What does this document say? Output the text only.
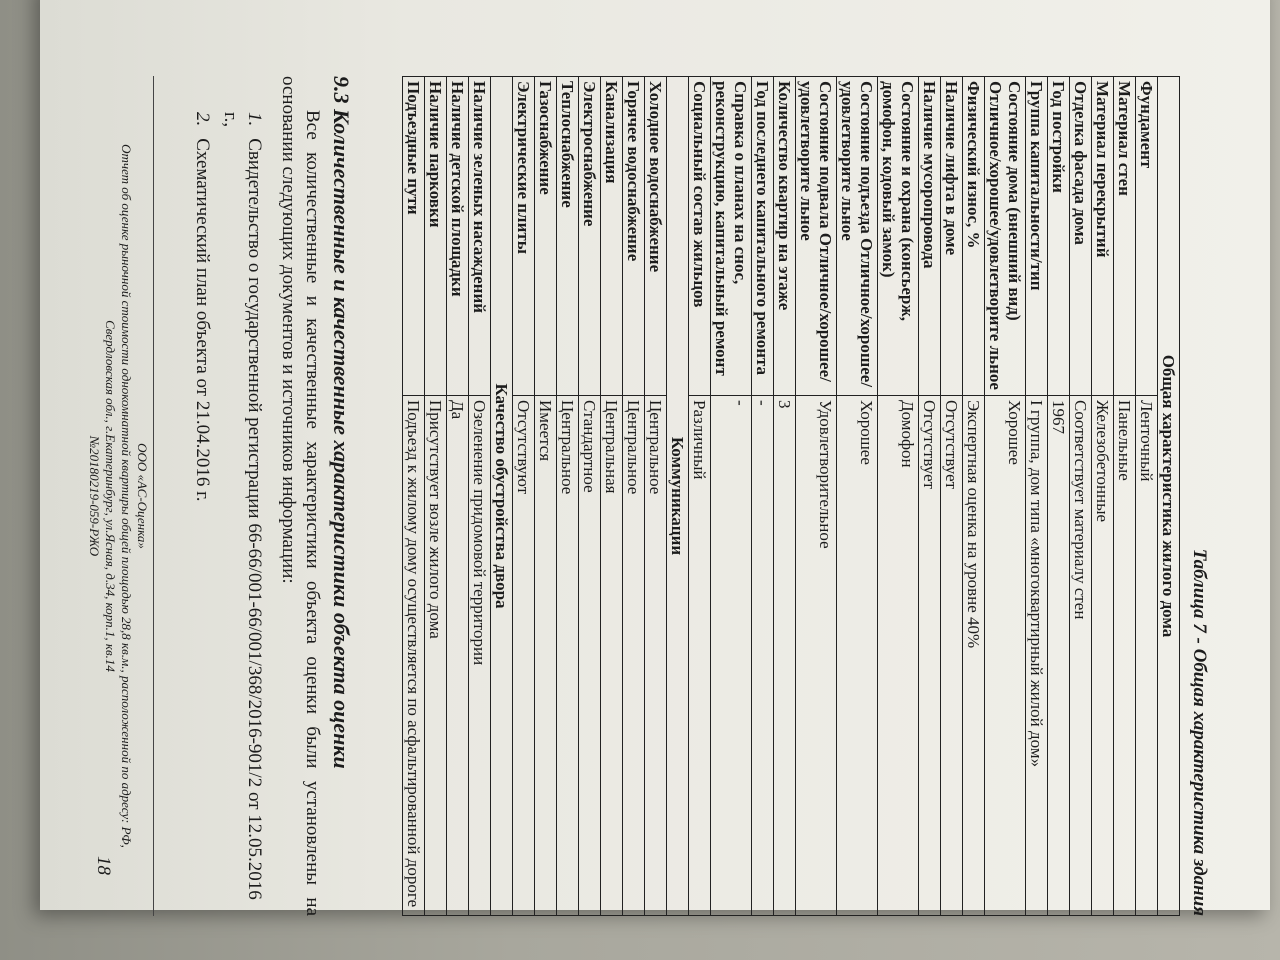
Таблица 7 - Общая характеристика здания
Общая характеристика жилого дома	
Фундамент	Ленточный
Материал стен	Панельные
Материал перекрытий	Железобетонные
Отделка фасада дома	Соответствует материалу стен
Год постройки	1967
Группа капитальности/тип	I группа, дом типа «многоквартирный жилой дом»
Состояние дома (внешний вид) Отличное/хорошее/удовлетворите льное	Хорошее
Физический износ, %	Экспертная оценка на уровне 40%
Наличие лифта в доме	Отсутствует
Наличие мусоропровода	Отсутствует
Состояние и охрана (консьерж, домофон, кодовый замок)	Домофон
Состояние подъезда Отличное/хорошее/удовлетворите льное	Хорошее
Состояние подвала Отличное/хорошее/удовлетворите льное	Удовлетворительное
Количество квартир на этаже	3
Год последнего капитального ремонта	-
Справка о планах на снос, реконструкцию, капитальный ремонт	-
Социальный состав жильцов	Различный
Коммуникации	
Холодное водоснабжение	Центральное
Горячее водоснабжение	Центральное
Канализация	Центральная
Электроснабжение	Стандартное
Теплоснабжение	Центральное
Газоснабжение	Имеется
Электрические плиты	Отсутствуют
Качество обустройства двора	
Наличие зеленых насаждений	Озеленение придомовой территории
Наличие детской площадки	Да
Наличие парковки	Присутствует возле жилого дома
Подъездные пути	Подъезд к жилому дому осуществляется по асфальтированной дороге
9.3 Количественные и качественные характеристики объекта оценки
Все количественные и качественные характеристики объекта оценки были установлены на основании следующих документов и источников информации:
1.Свидетельство о государственной регистрации 66-66/001-66/001/368/2016-901/2 от 12.05.2016 г.,
2.Схематический план объекта от 21.04.2016 г.
ООО «АС-Оценка»
Отчет об оценке рыночной стоимости однокомнатной квартиры общей площадью 28,8 кв.м., расположенной по адресу: РФ,
Свердловская обл., г.Екатеринбург, ул.Ясная, д.34, корп.1, кв.14
№20180219-059-РЖО
18
